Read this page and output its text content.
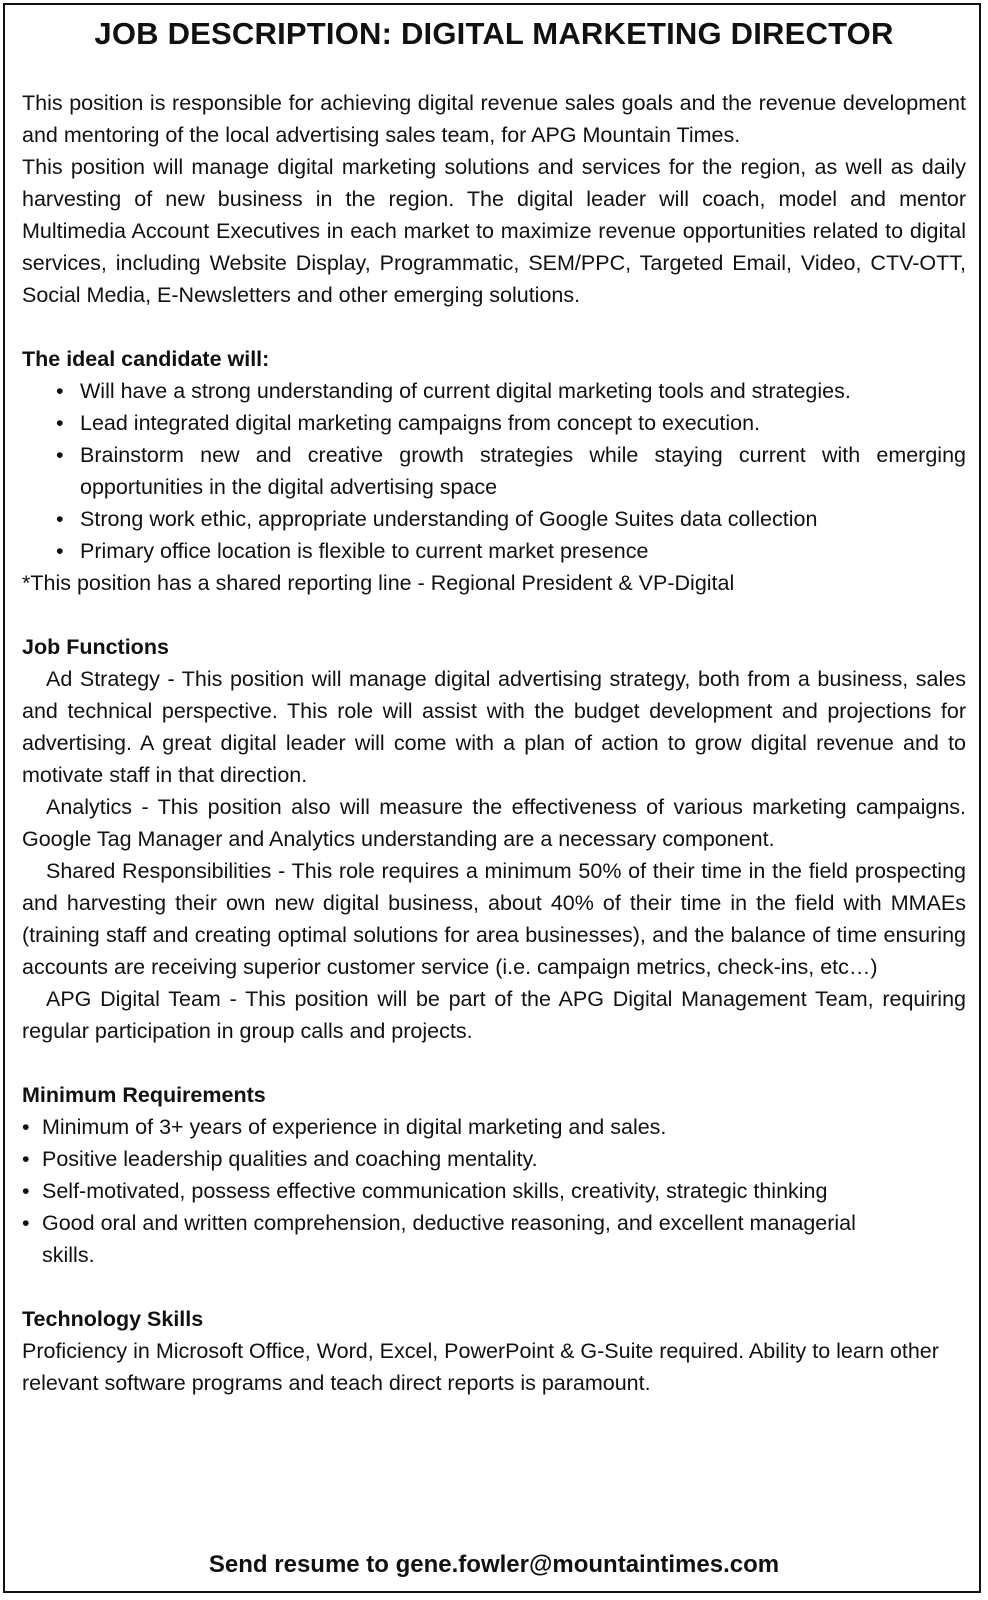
JOB DESCRIPTION: DIGITAL MARKETING DIRECTOR

This position is responsible for achieving digital revenue sales goals and the revenue development and mentoring of the local advertising sales team, for APG Mountain Times.

This position will manage digital marketing solutions and services for the region, as well as daily harvesting of new business in the region. The digital leader will coach, model and mentor Multimedia Account Executives in each market to maximize revenue opportunities related to digital services, including Website Display, Programmatic, SEM/PPC, Targeted Email, Video, CTV-OTT, Social Media, E-Newsletters and other emerging solutions.

The ideal candidate will:
• Will have a strong understanding of current digital marketing tools and strategies.
• Lead integrated digital marketing campaigns from concept to execution.
• Brainstorm new and creative growth strategies while staying current with emerging opportunities in the digital advertising space
• Strong work ethic, appropriate understanding of Google Suites data collection
• Primary office location is flexible to current market presence

*This position has a shared reporting line - Regional President & VP-Digital

Job Functions

Ad Strategy - This position will manage digital advertising strategy, both from a business, sales and technical perspective. This role will assist with the budget development and projections for advertising. A great digital leader will come with a plan of action to grow digital revenue and to motivate staff in that direction.

Analytics - This position also will measure the effectiveness of various marketing campaigns. Google Tag Manager and Analytics understanding are a necessary component.

Shared Responsibilities - This role requires a minimum 50% of their time in the field prospecting and harvesting their own new digital business, about 40% of their time in the field with MMAEs (training staff and creating optimal solutions for area businesses), and the balance of time ensuring accounts are receiving superior customer service (i.e. campaign metrics, check-ins, etc…)

APG Digital Team - This position will be part of the APG Digital Management Team, requiring regular participation in group calls and projects.

Minimum Requirements
• Minimum of 3+ years of experience in digital marketing and sales.
• Positive leadership qualities and coaching mentality.
• Self-motivated, possess effective communication skills, creativity, strategic thinking
• Good oral and written comprehension, deductive reasoning, and excellent managerial skills.
Technology Skills

Proficiency in Microsoft Office, Word, Excel, PowerPoint & G-Suite required. Ability to learn other relevant software programs and teach direct reports is paramount.

Send resume to gene.fowler@mountaintimes.com
